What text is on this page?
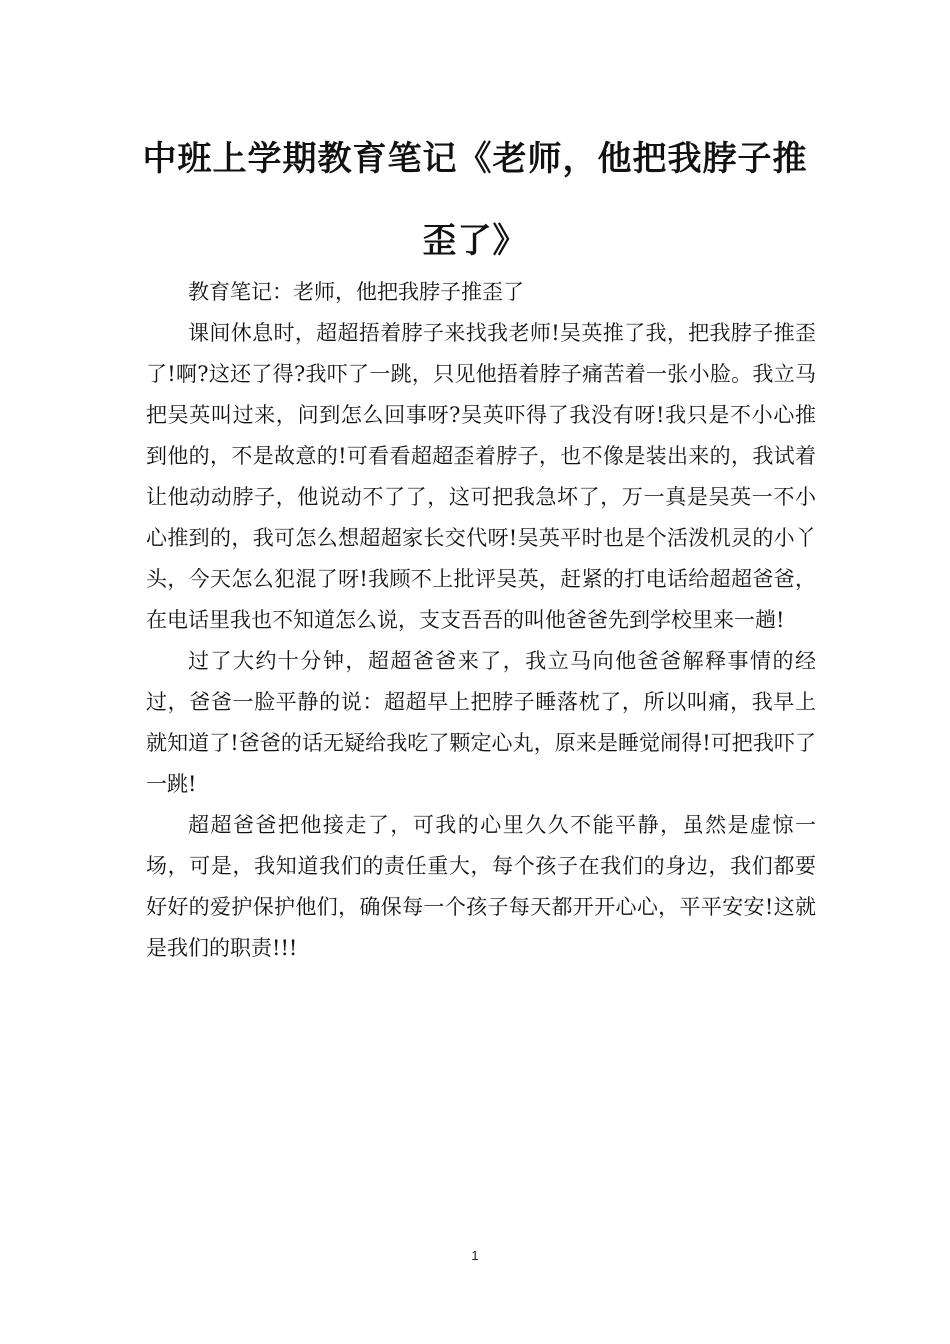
中班上学期教育笔记《老师，他把我脖子推歪了》

教育笔记：老师，他把我脖子推歪了

课间休息时，超超捂着脖子来找我老师!吴英推了我，把我脖子推歪了!啊?这还了得?我吓了一跳，只见他捂着脖子痛苦着一张小脸。我立马把吴英叫过来，问到怎么回事呀?吴英吓得了我没有呀!我只是不小心推到他的，不是故意的!可看看超超歪着脖子，也不像是装出来的，我试着让他动动脖子，他说动不了了，这可把我急坏了，万一真是吴英一不小心推到的，我可怎么想超超家长交代呀!吴英平时也是个活泼机灵的小丫头，今天怎么犯混了呀!我顾不上批评吴英，赶紧的打电话给超超爸爸，在电话里我也不知道怎么说，支支吾吾的叫他爸爸先到学校里来一趟!

过了大约十分钟，超超爸爸来了，我立马向他爸爸解释事情的经过，爸爸一脸平静的说：超超早上把脖子睡落枕了，所以叫痛，我早上就知道了!爸爸的话无疑给我吃了颗定心丸，原来是睡觉闹得!可把我吓了一跳!

超超爸爸把他接走了，可我的心里久久不能平静，虽然是虚惊一场，可是，我知道我们的责任重大，每个孩子在我们的身边，我们都要好好的爱护保护他们，确保每一个孩子每天都开开心心，平平安安!这就是我们的职责!!!

1
